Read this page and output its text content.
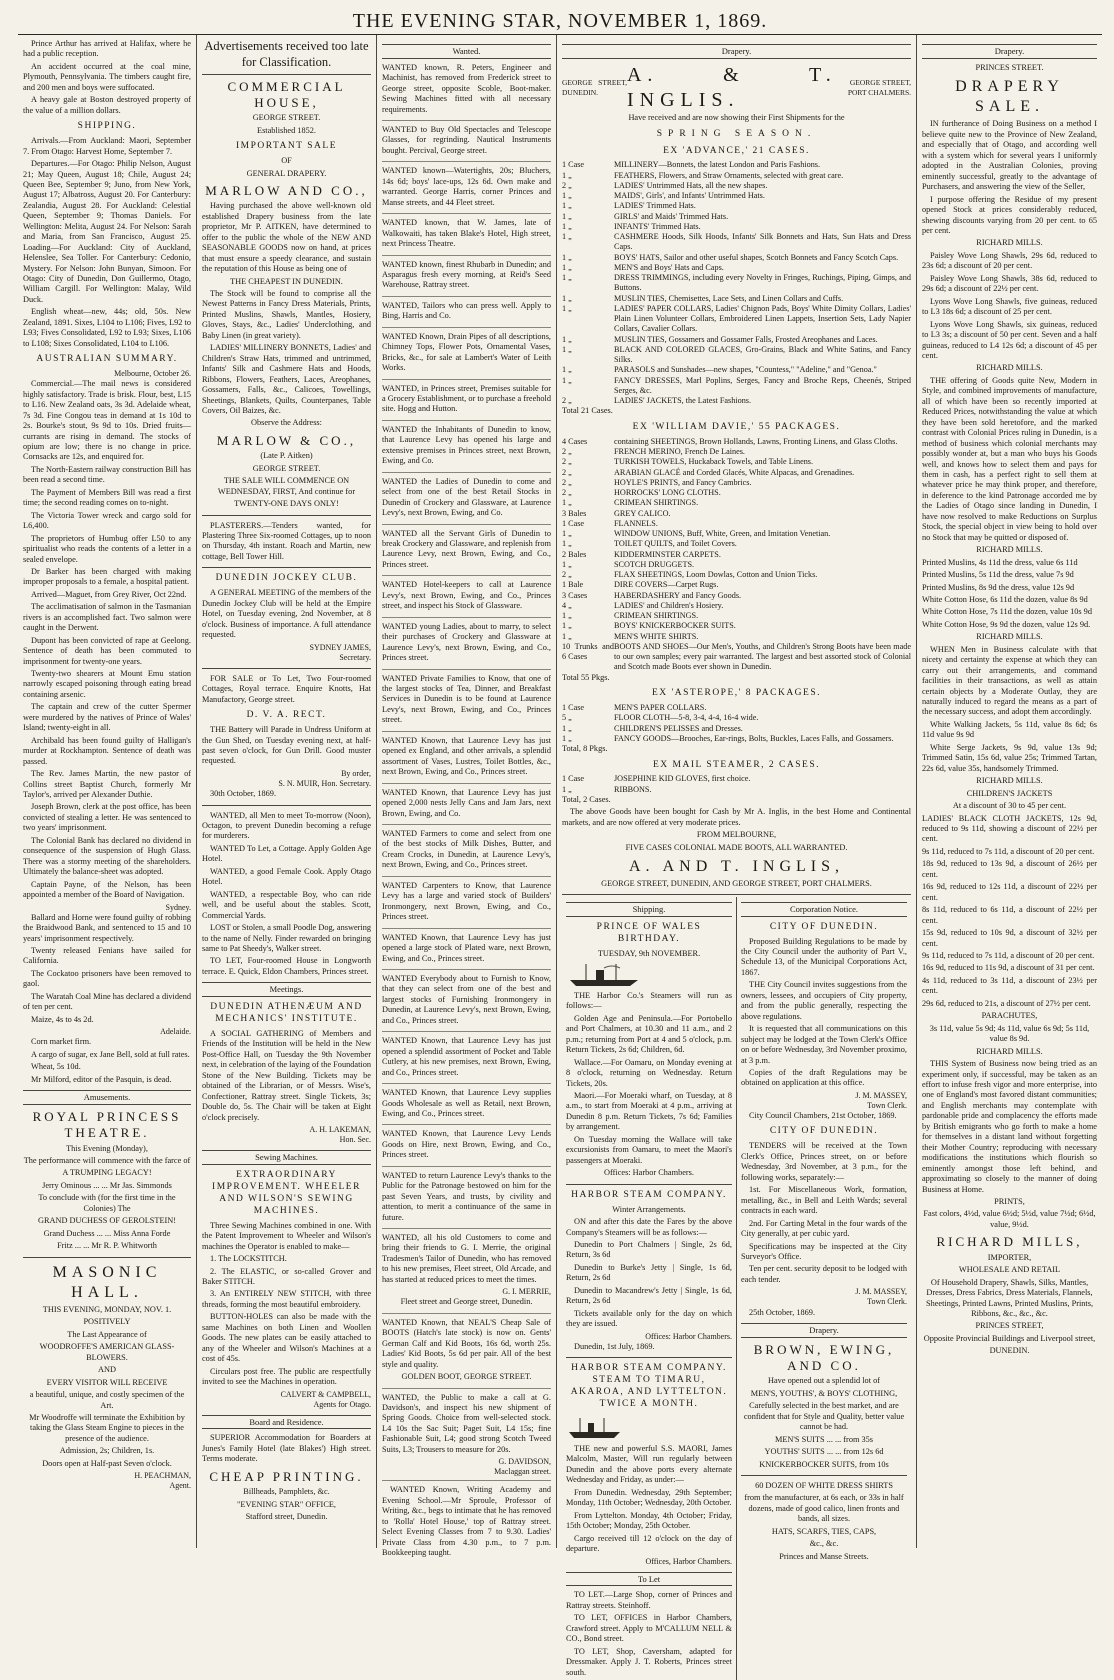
THE EVENING STAR, NOVEMBER 1, 1869.

Prince Arthur has arrived at Halifax, where he had a public reception.

An accident occurred at the coal mine, Plymouth, Pennsylvania. The timbers caught fire, and 200 men and boys were suffocated.

A heavy gale at Boston destroyed property of the value of a million dollars.

SHIPPING.

Arrivals.—From Auckland: Maori, September 7. From Otago: Harvest Home, September 7.

Departures.—For Otago: Philip Nelson, August 21; May Queen, August 18; Chile, August 24; Queen Bee, September 9; Juno, from New York, August 17; Albatross, August 20. For Canterbury: Zealandia, August 28. For Auckland: Celestial Queen, September 9; Thomas Daniels. For Wellington: Melita, August 24. For Nelson: Sarah and Maria, from San Francisco, August 25. Loading—For Auckland: City of Auckland, Helenslee, Sea Toller. For Canterbury: Cedonio, Mystery. For Nelson: John Bunyan, Simoon. For Otago: City of Dunedin, Don Guillermo, Otago, William Cargill. For Wellington: Malay, Wild Duck.

English wheat—new, 44s; old, 50s. New Zealand, 1891. Sixes, L104 to L106; Fives, L92 to L93; Fives Consolidated, L92 to L93; Sixes, L106 to L108; Sixes Consolidated, L104 to L106.

AUSTRALIAN SUMMARY.
Melbourne, October 26.

Commercial.—The mail news is considered highly satisfactory. Trade is brisk. Flour, best, L15 to L16. New Zealand oats, 3s 3d. Adelaide wheat, 7s 3d. Fine Congou teas in demand at 1s 10d to 2s. Bourke's stout, 9s 9d to 10s. Dried fruits—currants are rising in demand. The stocks of opium are low; there is no change in price. Cornsacks are 12s, and enquired for.

The North-Eastern railway construction Bill has been read a second time.

The Payment of Members Bill was read a first time; the second reading comes on to-night.

The Victoria Tower wreck and cargo sold for L6,400.

The proprietors of Humbug offer L50 to any spiritualist who reads the contents of a letter in a sealed envelope.

Dr Barker has been charged with making improper proposals to a female, a hospital patient.

Arrived—Maguet, from Grey River, Oct 22nd.

The acclimatisation of salmon in the Tasmanian rivers is an accomplished fact. Two salmon were caught in the Derwent.

Dupont has been convicted of rape at Geelong. Sentence of death has been commuted to imprisonment for twenty-one years.

Twenty-two shearers at Mount Emu station narrowly escaped poisoning through eating bread containing arsenic.

The captain and crew of the cutter Spermer were murdered by the natives of Prince of Wales' Island; twenty-eight in all.

Archibald has been found guilty of Halligan's murder at Rockhampton. Sentence of death was passed.

The Rev. James Martin, the new pastor of Collins street Baptist Church, formerly Mr Taylor's, arrived per Alexander Duthie.

Joseph Brown, clerk at the post office, has been convicted of stealing a letter. He was sentenced to two years' imprisonment.

The Colonial Bank has declared no dividend in consequence of the suspension of Hugh Glass. There was a stormy meeting of the shareholders. Ultimately the balance-sheet was adopted.

Captain Payne, of the Nelson, has been appointed a member of the Board of Navigation.

Sydney.

Ballard and Horne were found guilty of robbing the Braidwood Bank, and sentenced to 15 and 10 years' imprisonment respectively.

Twenty released Fenians have sailed for California.

The Cockatoo prisoners have been removed to gaol.

The Waratah Coal Mine has declared a dividend of ten per cent.

Maize, 4s to 4s 2d.

Adelaide.

Corn market firm.

A cargo of sugar, ex Jane Bell, sold at full rates.

Wheat, 5s 10d.

Mr Milford, editor of the Pasquin, is dead.

Amusements.
ROYAL PRINCESS THEATRE.

This Evening (Monday),

The performance will commence with the farce of

A TRUMPING LEGACY!

Jerry Ominous ... ... Mr Jas. Simmonds

To conclude with (for the first time in the Colonies) The

GRAND DUCHESS OF GEROLSTEIN!

Grand Duchess ... ... Miss Anna Forde

Fritz ... ... Mr R. P. Whitworth

MASONIC HALL.

THIS EVENING, MONDAY, NOV. 1.

POSITIVELY

The Last Appearance of

WOODROFFE'S AMERICAN GLASS-BLOWERS.

AND

EVERY VISITOR WILL RECEIVE

a beautiful, unique, and costly specimen of the Art.

Mr Woodroffe will terminate the Exhibition by taking the Glass Steam Engine to pieces in the presence of the audience.

Admission, 2s; Children, 1s.

Doors open at Half-past Seven o'clock.

H. PEACHMAN,
Agent.
Advertisements received too late for Classification.
COMMERCIAL HOUSE,

GEORGE STREET.

Established 1852.

IMPORTANT SALE

OF

GENERAL DRAPERY.

MARLOW AND CO.,

Having purchased the above well-known old established Drapery business from the late proprietor, Mr P. AITKEN, have determined to offer to the public the whole of the NEW AND SEASONABLE GOODS now on hand, at prices that must ensure a speedy clearance, and sustain the reputation of this House as being one of

THE CHEAPEST IN DUNEDIN.

The Stock will be found to comprise all the Newest Patterns in Fancy Dress Materials, Prints, Printed Muslins, Shawls, Mantles, Hosiery, Gloves, Stays, &c., Ladies' Underclothing, and Baby Linen (in great variety).

LADIES' MILLINERY BONNETS, Ladies' and Children's Straw Hats, trimmed and untrimmed, Infants' Silk and Cashmere Hats and Hoods, Ribbons, Flowers, Feathers, Laces, Areophanes, Gossamers, Falls, &c., Calicoes, Towellings, Sheetings, Blankets, Quilts, Counterpanes, Table Covers, Oil Baizes, &c.

Observe the Address:

MARLOW & CO.,

(Late P. Aitken)

GEORGE STREET.

THE SALE WILL COMMENCE ON WEDNESDAY, FIRST, And continue for

TWENTY-ONE DAYS ONLY!

PLASTERERS.—Tenders wanted, for Plastering Three Six-roomed Cottages, up to noon on Thursday, 4th instant. Roach and Martin, new cottage, Bell Tower Hill.

DUNEDIN JOCKEY CLUB.

A GENERAL MEETING of the members of the Dunedin Jockey Club will be held at the Empire Hotel, on Tuesday evening, 2nd November, at 8 o'clock. Business of importance. A full attendance requested.

SYDNEY JAMES,
Secretary.

FOR SALE or To Let, Two Four-roomed Cottages, Royal terrace. Enquire Knotts, Hat Manufactory, George street.

D. V. A. RECT.

THE Battery will Parade in Undress Uniform at the Gun Shed, on Tuesday evening next, at half-past seven o'clock, for Gun Drill. Good muster requested.

By order,
S. N. MUIR, Hon. Secretary.

30th October, 1869.

WANTED, all Men to meet To-morrow (Noon), Octagon, to prevent Dunedin becoming a refuge for murderers.

WANTED To Let, a Cottage. Apply Golden Age Hotel.

WANTED, a good Female Cook. Apply Otago Hotel.

WANTED, a respectable Boy, who can ride well, and be useful about the stables. Scott, Commercial Yards.

LOST or Stolen, a small Poodle Dog, answering to the name of Nelly. Finder rewarded on bringing same to Pat Sheedy's, Walker street.

TO LET, Four-roomed House in Longworth terrace. E. Quick, Eldon Chambers, Princes street.

Meetings.
DUNEDIN ATHENÆUM AND MECHANICS' INSTITUTE.

A SOCIAL GATHERING of Members and Friends of the Institution will be held in the New Post-Office Hall, on Tuesday the 9th November next, in celebration of the laying of the Foundation Stone of the New Building. Tickets may be obtained of the Librarian, or of Messrs. Wise's, Confectioner, Rattray street. Single Tickets, 3s; Double do, 5s. The Chair will be taken at Eight o'clock precisely.

A. H. LAKEMAN,
Hon. Sec.
Sewing Machines.
EXTRAORDINARY IMPROVEMENT. WHEELER AND WILSON'S SEWING MACHINES.

Three Sewing Machines combined in one. With the Patent Improvement to Wheeler and Wilson's machines the Operator is enabled to make—

1. The LOCKSTITCH.

2. The ELASTIC, or so-called Grover and Baker STITCH.

3. An ENTIRELY NEW STITCH, with three threads, forming the most beautiful embroidery.

BUTTON-HOLES can also be made with the same Machines on both Linen and Woollen Goods. The new plates can be easily attached to any of the Wheeler and Wilson's Machines at a cost of 45s.

Circulars post free. The public are respectfully invited to see the Machines in operation.

CALVERT & CAMPBELL,
Agents for Otago.
Board and Residence.

SUPERIOR Accommodation for Boarders at Junes's Family Hotel (late Blakes') High street. Terms moderate.

CHEAP PRINTING.

Billheads, Pamphlets, &c.

"EVENING STAR" OFFICE,

Stafford street, Dunedin.

Wanted.

WANTED known, R. Peters, Engineer and Machinist, has removed from Frederick street to George street, opposite Scoble, Boot-maker. Sewing Machines fitted with all necessary requirements.

WANTED to Buy Old Spectacles and Telescope Glasses, for regrinding. Nautical Instruments bought. Percival, George street.

WANTED known—Watertights, 20s; Bluchers, 14s 6d; boys' lace-ups, 12s 6d. Own make and warranted. George Harris, corner Princes and Manse streets, and 44 Fleet street.

WANTED known, that W. James, late of Walkowaiti, has taken Blake's Hotel, High street, next Princess Theatre.

WANTED known, finest Rhubarb in Dunedin; and Asparagus fresh every morning, at Reid's Seed Warehouse, Rattray street.

WANTED, Tailors who can press well. Apply to Bing, Harris and Co.

WANTED Known, Drain Pipes of all descriptions, Chimney Tops, Flower Pots, Ornamental Vases, Bricks, &c., for sale at Lambert's Water of Leith Works.

WANTED, in Princes street, Premises suitable for a Grocery Establishment, or to purchase a freehold site. Hogg and Hutton.

WANTED the Inhabitants of Dunedin to know, that Laurence Levy has opened his large and extensive premises in Princes street, next Brown, Ewing, and Co.

WANTED the Ladies of Dunedin to come and select from one of the best Retail Stocks in Dunedin of Crockery and Glassware, at Laurence Levy's, next Brown, Ewing, and Co.

WANTED all the Servant Girls of Dunedin to break Crockery and Glassware, and replenish from Laurence Levy, next Brown, Ewing, and Co., Princes street.

WANTED Hotel-keepers to call at Laurence Levy's, next Brown, Ewing, and Co., Princes street, and inspect his Stock of Glassware.

WANTED young Ladies, about to marry, to select their purchases of Crockery and Glassware at Laurence Levy's, next Brown, Ewing, and Co., Princes street.

WANTED Private Families to Know, that one of the largest stocks of Tea, Dinner, and Breakfast Services in Dunedin is to be found at Laurence Levy's, next Brown, Ewing, and Co., Princes street.

WANTED Known, that Laurence Levy has just opened ex England, and other arrivals, a splendid assortment of Vases, Lustres, Toilet Bottles, &c., next Brown, Ewing, and Co., Princes street.

WANTED Known, that Laurence Levy has just opened 2,000 nests Jelly Cans and Jam Jars, next Brown, Ewing, and Co.

WANTED Farmers to come and select from one of the best stocks of Milk Dishes, Butter, and Cream Crocks, in Dunedin, at Laurence Levy's, next Brown, Ewing, and Co., Princes street.

WANTED Carpenters to Know, that Laurence Levy has a large and varied stock of Builders' Ironmongery, next Brown, Ewing, and Co., Princes street.

WANTED Known, that Laurence Levy has just opened a large stock of Plated ware, next Brown, Ewing, and Co., Princes street.

WANTED Everybody about to Furnish to Know, that they can select from one of the best and largest stocks of Furnishing Ironmongery in Dunedin, at Laurence Levy's, next Brown, Ewing, and Co., Princes street.

WANTED Known, that Laurence Levy has just opened a splendid assortment of Pocket and Table Cutlery, at his new premises, next Brown, Ewing, and Co., Princes street.

WANTED Known, that Laurence Levy supplies Goods Wholesale as well as Retail, next Brown, Ewing, and Co., Princes street.

WANTED Known, that Laurence Levy Lends Goods on Hire, next Brown, Ewing, and Co., Princes street.

WANTED to return Laurence Levy's thanks to the Public for the Patronage bestowed on him for the past Seven Years, and trusts, by civility and attention, to merit a continuance of the same in future.

WANTED, all his old Customers to come and bring their friends to G. I. Merrie, the original Tradesmen's Tailor of Dunedin, who has removed to his new premises, Fleet street, Old Arcade, and has started at reduced prices to meet the times.

G. I. MERRIE,

Fleet street and George street, Dunedin.

WANTED Known, that NEAL'S Cheap Sale of BOOTS (Hatch's late stock) is now on. Gents' German Calf and Kid Boots, 16s 6d, worth 25s. Ladies' Kid Boots, 5s 6d per pair. All of the best style and quality.

GOLDEN BOOT, GEORGE STREET.

WANTED, the Public to make a call at G. Davidson's, and inspect his new shipment of Spring Goods. Choice from well-selected stock. L4 10s the Sac Suit; Paget Suit, L4 15s; fine Fashionable Suit, L4; good strong Scotch Tweed Suits, L3; Trousers to measure for 20s.

G. DAVIDSON,
Maclaggan street.

WANTED Known, Writing Academy and Evening School.—Mr Sproule, Professor of Writing, &c., begs to intimate that he has removed to 'Rolla' Hotel House,' top of Rattray street. Select Evening Classes from 7 to 9.30. Ladies' Private Class from 4.30 p.m., to 7 p.m. Bookkeeping taught.

Drapery.
GEORGE STREET, DUNEDIN.
A. & T. INGLIS.
GEORGE STREET, PORT CHALMERS.

Have received and are now showing their First Shipments for the

SPRING SEASON.
EX 'ADVANCE,' 21 CASES.
1 Case	MILLINERY—Bonnets, the latest London and Paris Fashions.
1 „	FEATHERS, Flowers, and Straw Ornaments, selected with great care.
2 „	LADIES' Untrimmed Hats, all the new shapes.
1 „	MAIDS', Girls', and Infants' Untrimmed Hats.
1 „	LADIES' Trimmed Hats.
1 „	GIRLS' and Maids' Trimmed Hats.
1 „	INFANTS' Trimmed Hats.
1 „	CASHMERE Hoods, Silk Hoods, Infants' Silk Bonnets and Hats, Sun Hats and Dress Caps.
1 „	BOYS' HATS, Sailor and other useful shapes, Scotch Bonnets and Fancy Scotch Caps.
1 „	MEN'S and Boys' Hats and Caps.
1 „	DRESS TRIMMINGS, including every Novelty in Fringes, Ruchings, Piping, Gimps, and Buttons.
1 „	MUSLIN TIES, Chemisettes, Lace Sets, and Linen Collars and Cuffs.
1 „	LADIES' PAPER COLLARS, Ladies' Chignon Pads, Boys' White Dimity Collars, Ladies' Plain Linen Volunteer Collars, Embroidered Linen Lappets, Insertion Sets, Lady Napier Collars, Cavalier Collars.
1 „	MUSLIN TIES, Gossamers and Gossamer Falls, Frosted Areophanes and Laces.
1 „	BLACK AND COLORED GLACES, Gro-Grains, Black and White Satins, and Fancy Silks.
1 „	PARASOLS and Sunshades—new shapes, "Countess," "Adeline," and "Genoa."
1 „	FANCY DRESSES, Marl Poplins, Serges, Fancy and Broche Reps, Cheenés, Striped Serges, &c.
2 „	LADIES' JACKETS, the Latest Fashions.

Total 21 Cases.

EX 'WILLIAM DAVIE,' 55 PACKAGES.
4 Cases	containing SHEETINGS, Brown Hollands, Lawns, Fronting Linens, and Glass Cloths.
2 „	FRENCH MERINO, French De Laines.
2 „	TURKISH TOWELS, Huckaback Towels, and Table Linens.
2 „	ARABIAN GLACÉ and Corded Glacés, White Alpacas, and Grenadines.
2 „	HOYLE'S PRINTS, and Fancy Cambrics.
2 „	HORROCKS' LONG CLOTHS.
1 „	CRIMEAN SHIRTINGS.
3 Bales	GREY CALICO.
1 Case	FLANNELS.
1 „	WINDOW UNIONS, Buff, White, Green, and Imitation Venetian.
1 „	TOILET QUILTS, and Toilet Covers.
2 Bales	KIDDERMINSTER CARPETS.
1 „	SCOTCH DRUGGETS.
2 „	FLAX SHEETINGS, Loom Dowlas, Cotton and Union Ticks.
1 Bale	DIRE COVERS—Carpet Rugs.
3 Cases	HABERDASHERY and Fancy Goods.
4 „	LADIES' and Children's Hosiery.
1 „	CRIMEAN SHIRTINGS.
1 „	BOYS' KNICKERBOCKER SUITS.
1 „	MEN'S WHITE SHIRTS.
10 Trunks and 6 Cases	BOOTS AND SHOES—Our Men's, Youths, and Children's Strong Boots have been made to our own samples; every pair warranted. The largest and best assorted stock of Colonial and Scotch made Boots ever shown in Dunedin.

Total 55 Pkgs.

EX 'ASTEROPE,' 8 PACKAGES.
1 Case	MEN'S PAPER COLLARS.
5 „	FLOOR CLOTH—5-8, 3-4, 4-4, 16-4 wide.
1 „	CHILDREN'S PELISSES and Dresses.
1 „	FANCY GOODS—Brooches, Ear-rings, Bolts, Buckles, Laces Falls, and Gossamers.

Total, 8 Pkgs.

EX MAIL STEAMER, 2 CASES.
1 Case	JOSEPHINE KID GLOVES, first choice.
1 „	RIBBONS.

Total, 2 Cases.

The above Goods have been bought for Cash by Mr A. Inglis, in the best Home and Continental markets, and are now offered at very moderate prices.

FROM MELBOURNE,

FIVE CASES COLONIAL MADE BOOTS, ALL WARRANTED.

A. AND T. INGLIS,

GEORGE STREET, DUNEDIN, AND GEORGE STREET, PORT CHALMERS.

Shipping.
PRINCE OF WALES BIRTHDAY.

TUESDAY, 9th NOVEMBER.

THE Harbor Co.'s Steamers will run as follows:—

Golden Age and Peninsula.—For Portobello and Port Chalmers, at 10.30 and 11 a.m., and 2 p.m.; returning from Port at 4 and 5 o'clock, p.m. Return Tickets, 2s 6d; Children, 6d.

Wallace.—For Oamaru, on Monday evening at 8 o'clock, returning on Wednesday. Return Tickets, 20s.

Maori.—For Moeraki wharf, on Tuesday, at 8 a.m., to start from Moeraki at 4 p.m., arriving at Dunedin 8 p.m. Return Tickets, 7s 6d; Families by arrangement.

On Tuesday morning the Wallace will take excursionists from Oamaru, to meet the Maori's passengers at Moeraki.

Offices: Harbor Chambers.

HARBOR STEAM COMPANY.

Winter Arrangements.

ON and after this date the Fares by the above Company's Steamers will be as follows:—

Dunedin to Port Chalmers | Single, 2s 6d, Return, 3s 6d

Dunedin to Burke's Jetty | Single, 1s 6d, Return, 2s 6d

Dunedin to Macandrew's Jetty | Single, 1s 6d, Return, 2s 6d

Tickets available only for the day on which they are issued.

Offices: Harbor Chambers.

Dunedin, 1st July, 1869.

HARBOR STEAM COMPANY. STEAM TO TIMARU, AKAROA, AND LYTTELTON. TWICE A MONTH.

THE new and powerful S.S. MAORI, James Malcolm, Master, Will run regularly between Dunedin and the above ports every alternate Wednesday and Friday, as under:—

From Dunedin. Wednesday, 29th September; Monday, 11th October; Wednesday, 20th October.

From Lyttelton. Monday, 4th October; Friday, 15th October; Monday, 25th October.

Cargo received till 12 o'clock on the day of departure.

Offices, Harbor Chambers.
To Let

TO LET.—Large Shop, corner of Princes and Rattray streets. Steinhoff.

TO LET, OFFICES in Harbor Chambers, Crawford street. Apply to M'CALLUM NELL & CO., Bond street.

TO LET, Shop, Caversham, adapted for Dressmaker. Apply J. T. Roberts, Princes street south.

Corporation Notice.
CITY OF DUNEDIN.

Proposed Building Regulations to be made by the City Council under the authority of Part V., Schedule 13, of the Municipal Corporations Act, 1867.

THE City Council invites suggestions from the owners, lessees, and occupiers of City property, and from the public generally, respecting the above regulations.

It is requested that all communications on this subject may be lodged at the Town Clerk's Office on or before Wednesday, 3rd November proximo, at 3 p.m.

Copies of the draft Regulations may be obtained on application at this office.

J. M. MASSEY,
Town Clerk.

City Council Chambers, 21st October, 1869.

CITY OF DUNEDIN.

TENDERS will be received at the Town Clerk's Office, Princes street, on or before Wednesday, 3rd November, at 3 p.m., for the following works, separately:—

1st. For Miscellaneous Work, formation, metalling, &c., in Bell and Leith Wards; several contracts in each ward.

2nd. For Carting Metal in the four wards of the City generally, at per cubic yard.

Specifications may be inspected at the City Surveyor's Office.

Ten per cent. security deposit to be lodged with each tender.

J. M. MASSEY,
Town Clerk.

25th October, 1869.

Drapery.
BROWN, EWING, AND CO.

Have opened out a splendid lot of

MEN'S, YOUTHS', & BOYS' CLOTHING,

Carefully selected in the best market, and are confident that for Style and Quality, better value cannot be had.

MEN'S SUITS ... ... from 35s

YOUTHS' SUITS ... ... from 12s 6d

KNICKERBOCKER SUITS, from 10s

60 DOZEN OF WHITE DRESS SHIRTS

from the manufacturer, at 6s each, or 33s in half dozens, made of good calico, linen fronts and bands, all sizes.

HATS, SCARFS, TIES, CAPS,

&c., &c.

Princes and Manse Streets.

Drapery.

PRINCES STREET.

DRAPERY SALE.

IN furtherance of Doing Business on a method I believe quite new to the Province of New Zealand, and especially that of Otago, and according well with a system which for several years I uniformly adopted in the Australian Colonies, proving eminently successful, greatly to the advantage of Purchasers, and answering the view of the Seller,

I purpose offering the Residue of my present opened Stock at prices considerably reduced, shewing discounts varying from 20 per cent. to 65 per cent.

RICHARD MILLS.

Paisley Wove Long Shawls, 29s 6d, reduced to 23s 6d; a discount of 20 per cent.

Paisley Wove Long Shawls, 38s 6d, reduced to 29s 6d; a discount of 22½ per cent.

Lyons Wove Long Shawls, five guineas, reduced to L3 18s 6d; a discount of 25 per cent.

Lyons Wove Long Shawls, six guineas, reduced to L3 3s; a discount of 50 per cent. Seven and a half guineas, reduced to L4 12s 6d; a discount of 45 per cent.

RICHARD MILLS.

THE offering of Goods quite New, Modern in Style, and combined improvements of manufacture, all of which have been so recently imported at Reduced Prices, notwithstanding the value at which they have been sold heretofore, and the marked contrast with Colonial Prices ruling in Dunedin, is a method of business which colonial merchants may possibly wonder at, but a man who buys his Goods well, and knows how to select them and pays for them in cash, has a perfect right to sell them at whatever price he may think proper, and therefore, in deference to the kind Patronage accorded me by the Ladies of Otago since landing in Dunedin, I have now resolved to make Reductions on Surplus Stock, the special object in view being to hold over no Stock that may be quitted or disposed of.

RICHARD MILLS.

Printed Muslins, 4s 11d the dress, value 6s 11d

Printed Muslins, 5s 11d the dress, value 7s 9d

Printed Muslins, 8s 9d the dress, value 12s 9d

White Cotton Hose, 6s 11d the dozen, value 8s 9d

White Cotton Hose, 7s 11d the dozen, value 10s 9d

White Cotton Hose, 9s 9d the dozen, value 12s 9d.

RICHARD MILLS.

WHEN Men in Business calculate with that nicety and certainty the expense at which they can carry out their arrangements, and command facilities in their transactions, as well as attain certain objects by a Moderate Outlay, they are naturally induced to regard the means as a part of the necessary success, and adopt them accordingly.

White Walking Jackets, 5s 11d, value 8s 6d; 6s 11d value 9s 9d

White Serge Jackets, 9s 9d, value 13s 9d; Trimmed Satin, 15s 6d, value 25s; Trimmed Tartan, 22s 6d, value 35s, handsomely Trimmed.

RICHARD MILLS.

CHILDREN'S JACKETS

At a discount of 30 to 45 per cent.

LADIES' BLACK CLOTH JACKETS, 12s 9d, reduced to 9s 11d, showing a discount of 22½ per cent.

9s 11d, reduced to 7s 11d, a discount of 20 per cent.

18s 9d, reduced to 13s 9d, a discount of 26½ per cent.

16s 9d, reduced to 12s 11d, a discount of 22½ per cent.

8s 11d, reduced to 6s 11d, a discount of 22½ per cent.

15s 9d, reduced to 10s 9d, a discount of 32½ per cent.

9s 11d, reduced to 7s 11d, a discount of 20 per cent.

16s 9d, reduced to 11s 9d, a discount of 31 per cent.

4s 11d, reduced to 3s 11d, a discount of 23½ per cent.

29s 6d, reduced to 21s, a discount of 27½ per cent.

PARACHUTES,

3s 11d, value 5s 9d; 4s 11d, value 6s 9d; 5s 11d, value 8s 9d.

RICHARD MILLS.

THIS System of Business now being tried as an experiment only, if successful, may be taken as an effort to infuse fresh vigor and more enterprise, into one of England's most favored distant communities; and English merchants may contemplate with pardonable pride and complacency the efforts made by British emigrants who go forth to make a home for themselves in a distant land without forgetting their Mother Country; reproducing with necessary modifications the institutions which flourish so eminently amongst those left behind, and approximating so closely to the manner of doing Business at Home.

PRINTS,

Fast colors, 4½d, value 6½d; 5½d, value 7½d; 6½d, value, 9½d.

RICHARD MILLS,

IMPORTER,

WHOLESALE AND RETAIL

Of Household Drapery, Shawls, Silks, Mantles, Dresses, Dress Fabrics, Dress Materials, Flannels, Sheetings, Printed Lawns, Printed Muslins, Prints, Ribbons, &c., &c., &c.

PRINCES STREET,

Opposite Provincial Buildings and Liverpool street,

DUNEDIN.
